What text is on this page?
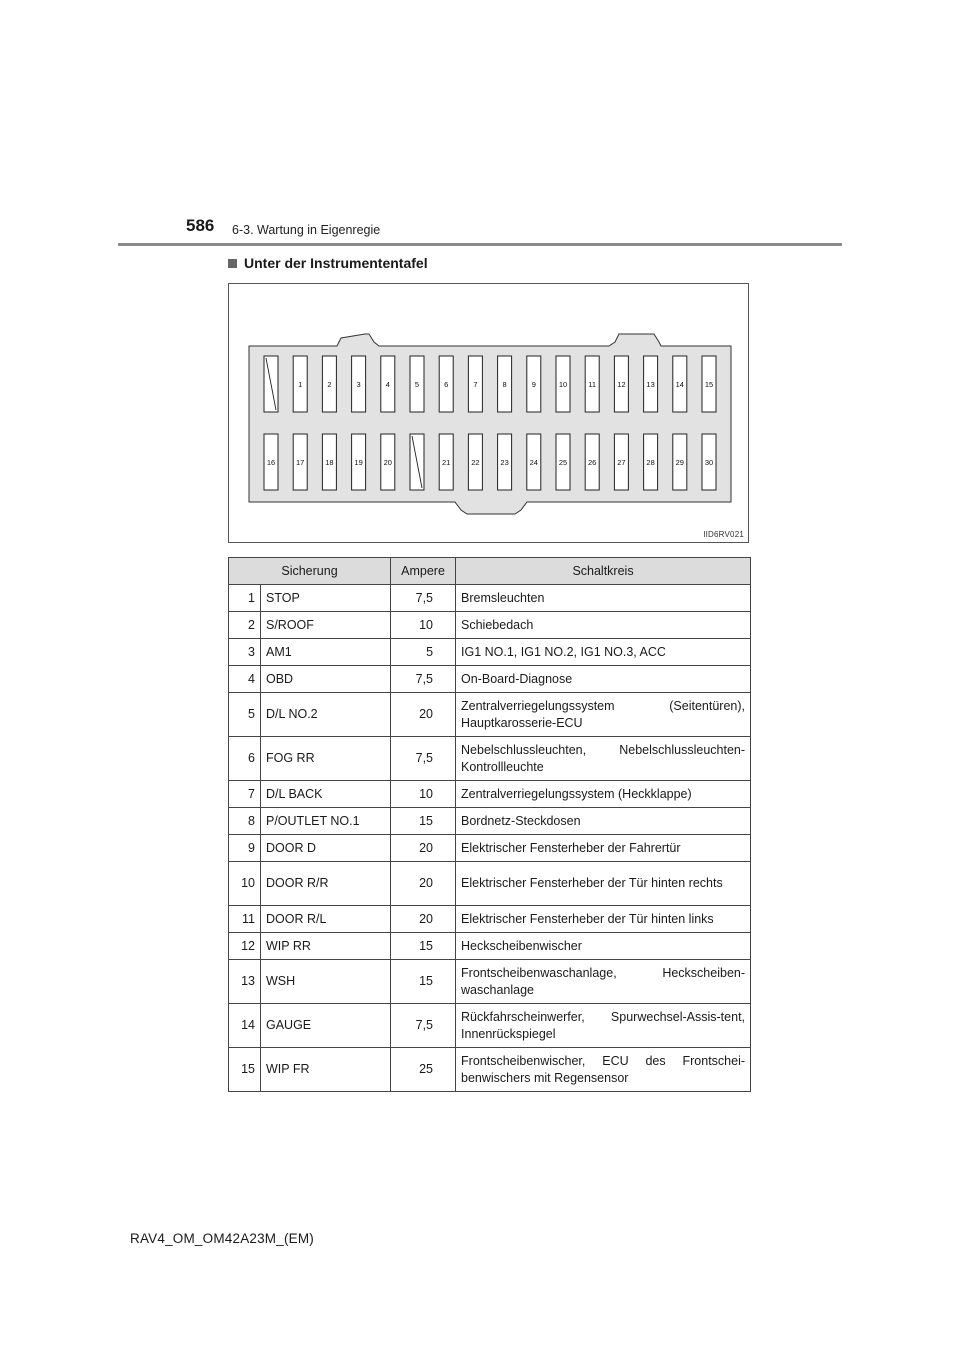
586 6-3. Wartung in Eigenregie
Unter der Instrumententafel
1	2	3	4	5	6	7	8	9	10	11	12	13	14	15
16	17	18	19	20	21	22	23	24	25	26	27	28	29	30
IID6RV021
Sicherung		Ampere	Schaltkreis
1	STOP	7,5	Bremsleuchten
2	S/ROOF	10	Schiebedach
3	AM1	5	IG1 NO.1, IG1 NO.2, IG1 NO.3, ACC
4	OBD	7,5	On-Board-Diagnose
5	D/L NO.2	20	Zentralverriegelungssystem (Seitentüren), Hauptkarosserie-ECU
6	FOG RR	7,5	Nebelschlussleuchten, Nebelschlussleuchten-Kontrollleuchte
7	D/L BACK	10	Zentralverriegelungssystem (Heckklappe)
8	P/OUTLET NO.1	15	Bordnetz-Steckdosen
9	DOOR D	20	Elektrischer Fensterheber der Fahrertür
10	DOOR R/R	20	Elektrischer Fensterheber der Tür hinten rechts
11	DOOR R/L	20	Elektrischer Fensterheber der Tür hinten links
12	WIP RR	15	Heckscheibenwischer
13	WSH	15	Frontscheibenwaschanlage, Heckscheiben-waschanlage
14	GAUGE	7,5	Rückfahrscheinwerfer, Spurwechsel-Assis-tent, Innenrückspiegel
15	WIP FR	25	Frontscheibenwischer, ECU des Frontschei-benwischers mit Regensensor
RAV4_OM_OM42A23M_(EM)
